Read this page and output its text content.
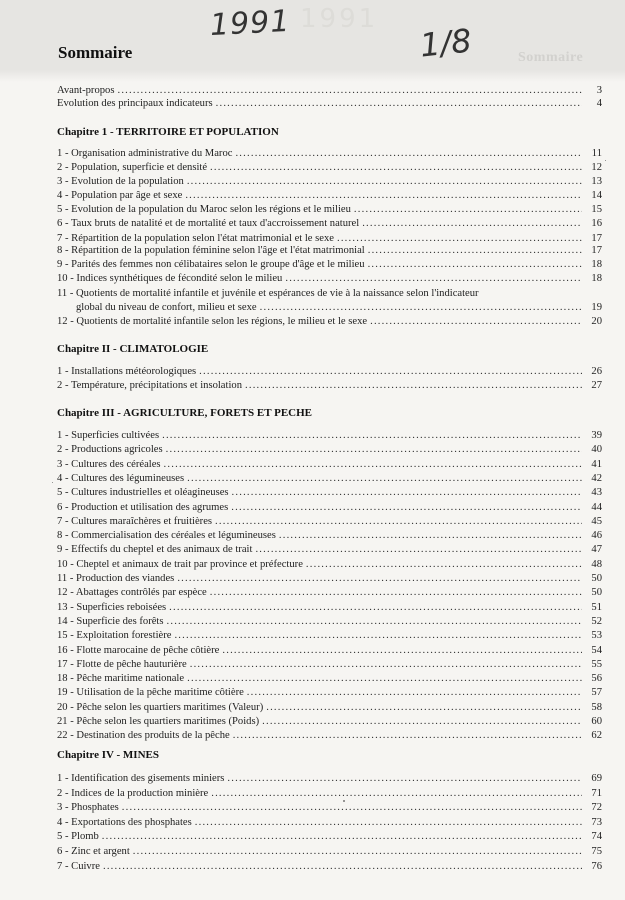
1991
Sommaire
1991	1/8
Sommaire
Avant-propos .....	3
Evolution des principaux indicateurs .....	4
Chapitre 1 - TERRITOIRE ET POPULATION
1 - Organisation administrative du Maroc .....	11
2 - Population, superficie et densité .....	12
3 - Evolution de la population .....	13
4 - Population par âge et sexe .....	14
5 - Evolution de la population du Maroc selon les régions et le milieu .....	15
6 - Taux bruts de natalité et de mortalité et taux d'accroissement naturel .....	16
7 - Répartition de la population selon l'état matrimonial et le sexe .....	17
8 - Répartition de la population féminine selon l'âge et l'état matrimonial .....	17
9 - Parités des femmes non célibataires selon le groupe d'âge et le milieu .....	18
10 - Indices synthétiques de fécondité selon le milieu .....	18
11 - Quotients de mortalité infantile et juvénile et espérances de vie à la naissance selon l'indicateur
global du niveau de confort, milieu et sexe .....	19
12 - Quotients de mortalité infantile selon les régions, le milieu et le sexe .....	20
Chapitre II - CLIMATOLOGIE
1 - Installations météorologiques .....	26
2 - Température, précipitations et insolation .....	27
Chapitre III - AGRICULTURE, FORETS ET PECHE
1 - Superficies cultivées .....	39
2 - Productions agricoles .....	40
3 - Cultures des céréales .....	41
4 - Cultures des légumineuses .....	42
5 - Cultures industrielles et oléagineuses .....	43
6 - Production et utilisation des agrumes .....	44
7 - Cultures maraîchères et fruitières .....	45
8 - Commercialisation des céréales et légumineuses .....	46
9 - Effectifs du cheptel et des animaux de trait .....	47
10 - Cheptel et animaux de trait par province et préfecture .....	48
11 - Production des viandes .....	50
12 - Abattages contrôlés par espèce .....	50
13 - Superficies reboisées .....	51
14 - Superficie des forêts .....	52
15 - Exploitation forestière .....	53
16 - Flotte marocaine de pêche côtière .....	54
17 - Flotte de pêche hauturière .....	55
18 - Pêche maritime nationale .....	56
19 - Utilisation de la pêche maritime côtière .....	57
20 - Pêche selon les quartiers maritimes (Valeur) .....	58
21 - Pêche selon les quartiers maritimes (Poids) .....	60
22 - Destination des produits de la pêche .....	62
Chapitre IV - MINES
1 - Identification des gisements miniers .....	69
2 - Indices de la production minière .....	71
3 - Phosphates .....	72
4 - Exportations des phosphates .....	73
5 - Plomb .....	74
6 - Zinc et argent .....	75
7 - Cuivre .....	76
